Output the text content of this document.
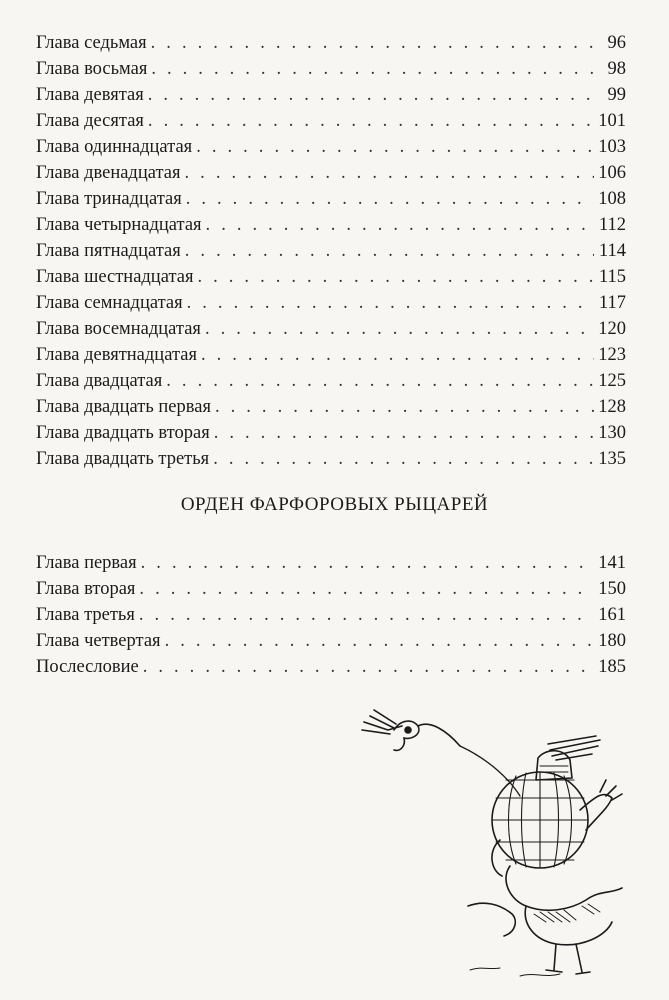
Глава седьмая . . .	96
Глава восьмая . . .	98
Глава девятая . . .	99
Глава десятая . . .	101
Глава одиннадцатая . . .	103
Глава двенадцатая . . .	106
Глава тринадцатая . . .	108
Глава четырнадцатая . . .	112
Глава пятнадцатая . . .	114
Глава шестнадцатая . . .	115
Глава семнадцатая . . .	117
Глава восемнадцатая . . .	120
Глава девятнадцатая . . .	123
Глава двадцатая . . .	125
Глава двадцать первая . . .	128
Глава двадцать вторая . . .	130
Глава двадцать третья . . .	135
ОРДЕН ФАРФОРОВЫХ РЫЦАРЕЙ
Глава первая . . .	141
Глава вторая . . .	150
Глава третья . . .	161
Глава четвертая . . .	180
Послесловие . . .	185
